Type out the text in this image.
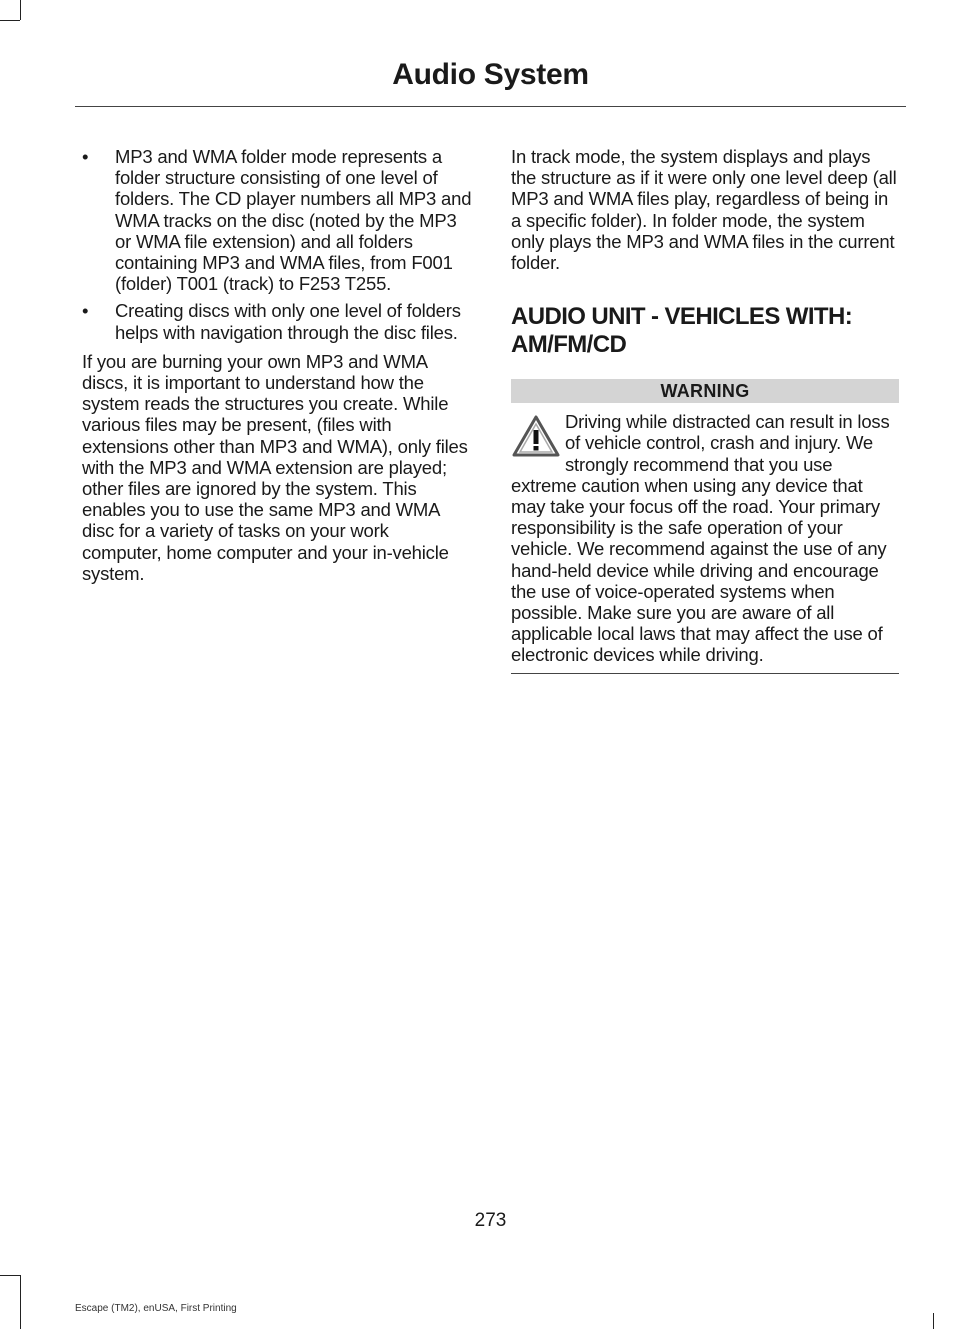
Audio System
•	MP3 and WMA folder mode represents a folder structure consisting of one level of folders. The CD player numbers all MP3 and WMA tracks on the disc (noted by the MP3 or WMA file extension) and all folders containing MP3 and WMA files, from F001 (folder) T001 (track) to F253 T255.
•	Creating discs with only one level of folders helps with navigation through the disc files.
If you are burning your own MP3 and WMA discs, it is important to understand how the system reads the structures you create. While various files may be present, (files with extensions other than MP3 and WMA), only files with the MP3 and WMA extension are played; other files are ignored by the system. This enables you to use the same MP3 and WMA disc for a variety of tasks on your work computer, home computer and your in-vehicle system.
In track mode, the system displays and plays the structure as if it were only one level deep (all MP3 and WMA files play, regardless of being in a specific folder). In folder mode, the system only plays the MP3 and WMA files in the current folder.
AUDIO UNIT - VEHICLES WITH: AM/FM/CD
WARNING
Driving while distracted can result in loss of vehicle control, crash and injury. We strongly recommend that you use extreme caution when using any device that may take your focus off the road. Your primary responsibility is the safe operation of your vehicle. We recommend against the use of any hand-held device while driving and encourage the use of voice-operated systems when possible. Make sure you are aware of all applicable local laws that may affect the use of electronic devices while driving.
273
Escape (TM2), enUSA, First Printing
